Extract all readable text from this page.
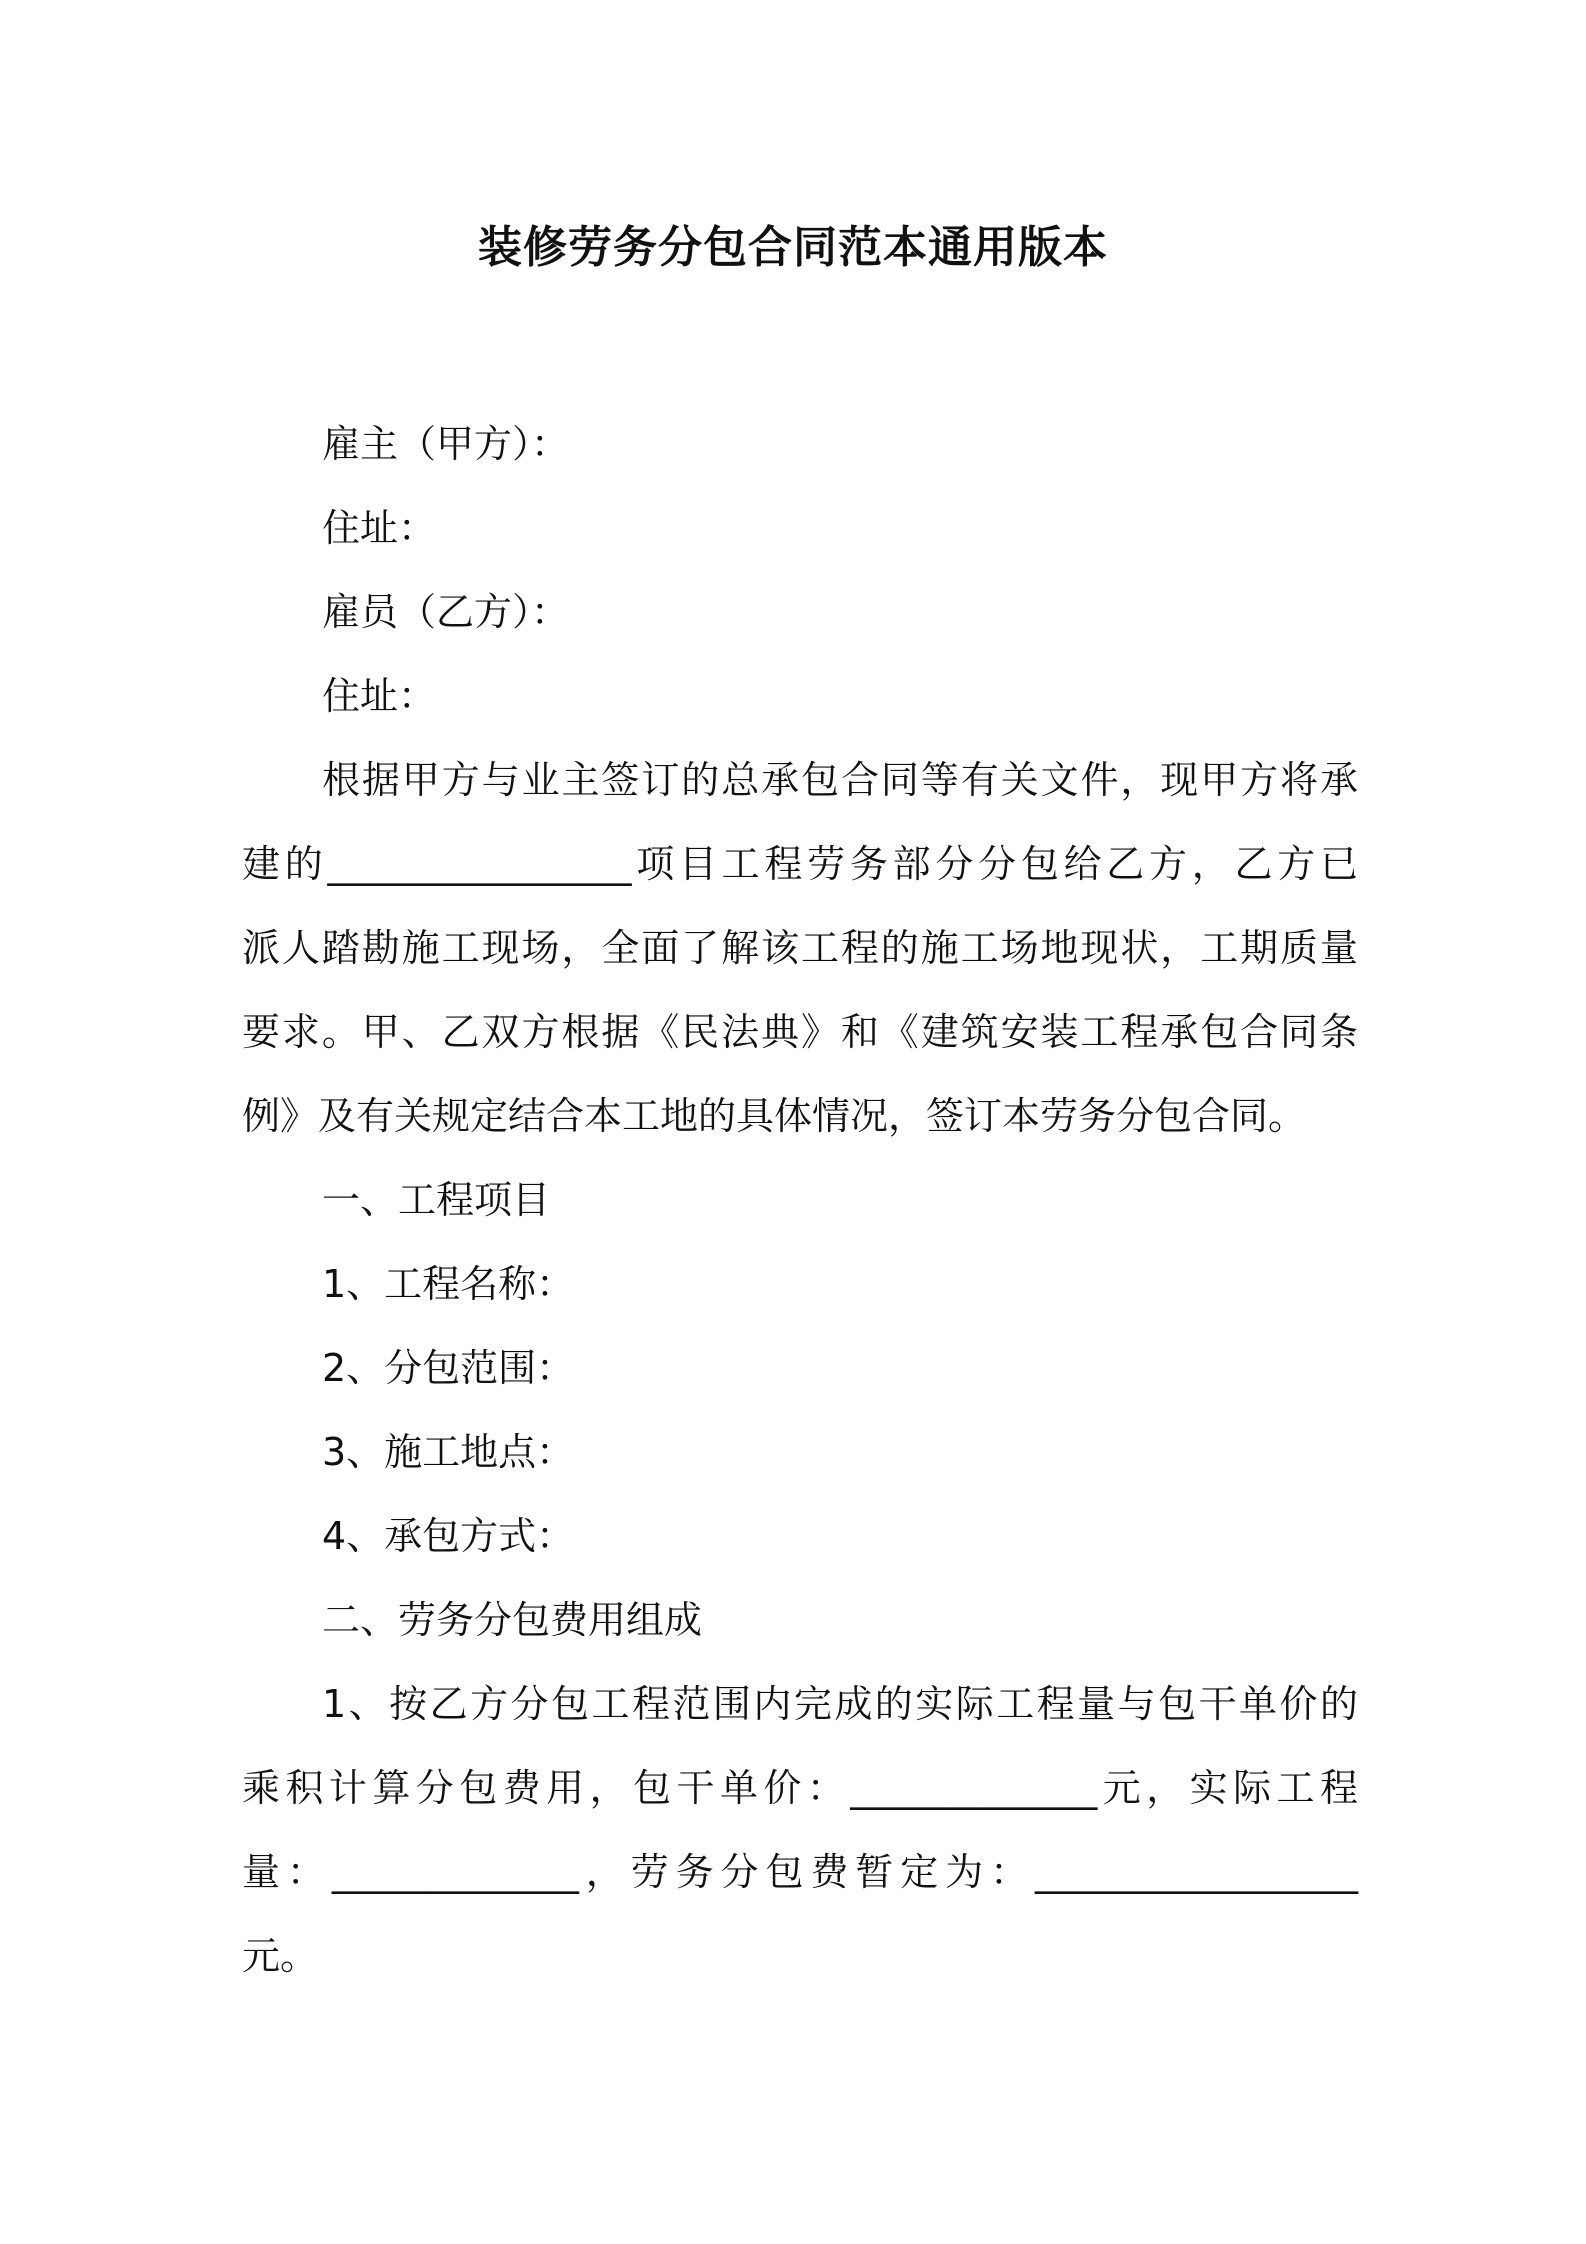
装修劳务分包合同范本通用版本
雇主（甲方）：
住址：
雇员（乙方）：
住址：
根据甲方与业主签订的总承包合同等有关文件，现甲方将承
建的________________项目工程劳务部分分包给乙方，乙方已
派人踏勘施工现场，全面了解该工程的施工场地现状，工期质量
要求。甲、乙双方根据《民法典》和《建筑安装工程承包合同条
例》及有关规定结合本工地的具体情况，签订本劳务分包合同。
一、工程项目
1、工程名称：
2、分包范围：
3、施工地点：
4、承包方式：
二、劳务分包费用组成
1、按乙方分包工程范围内完成的实际工程量与包干单价的
乘积计算分包费用，包干单价：_____________元，实际工程
量：_____________，劳务分包费暂定为：_________________
元。
